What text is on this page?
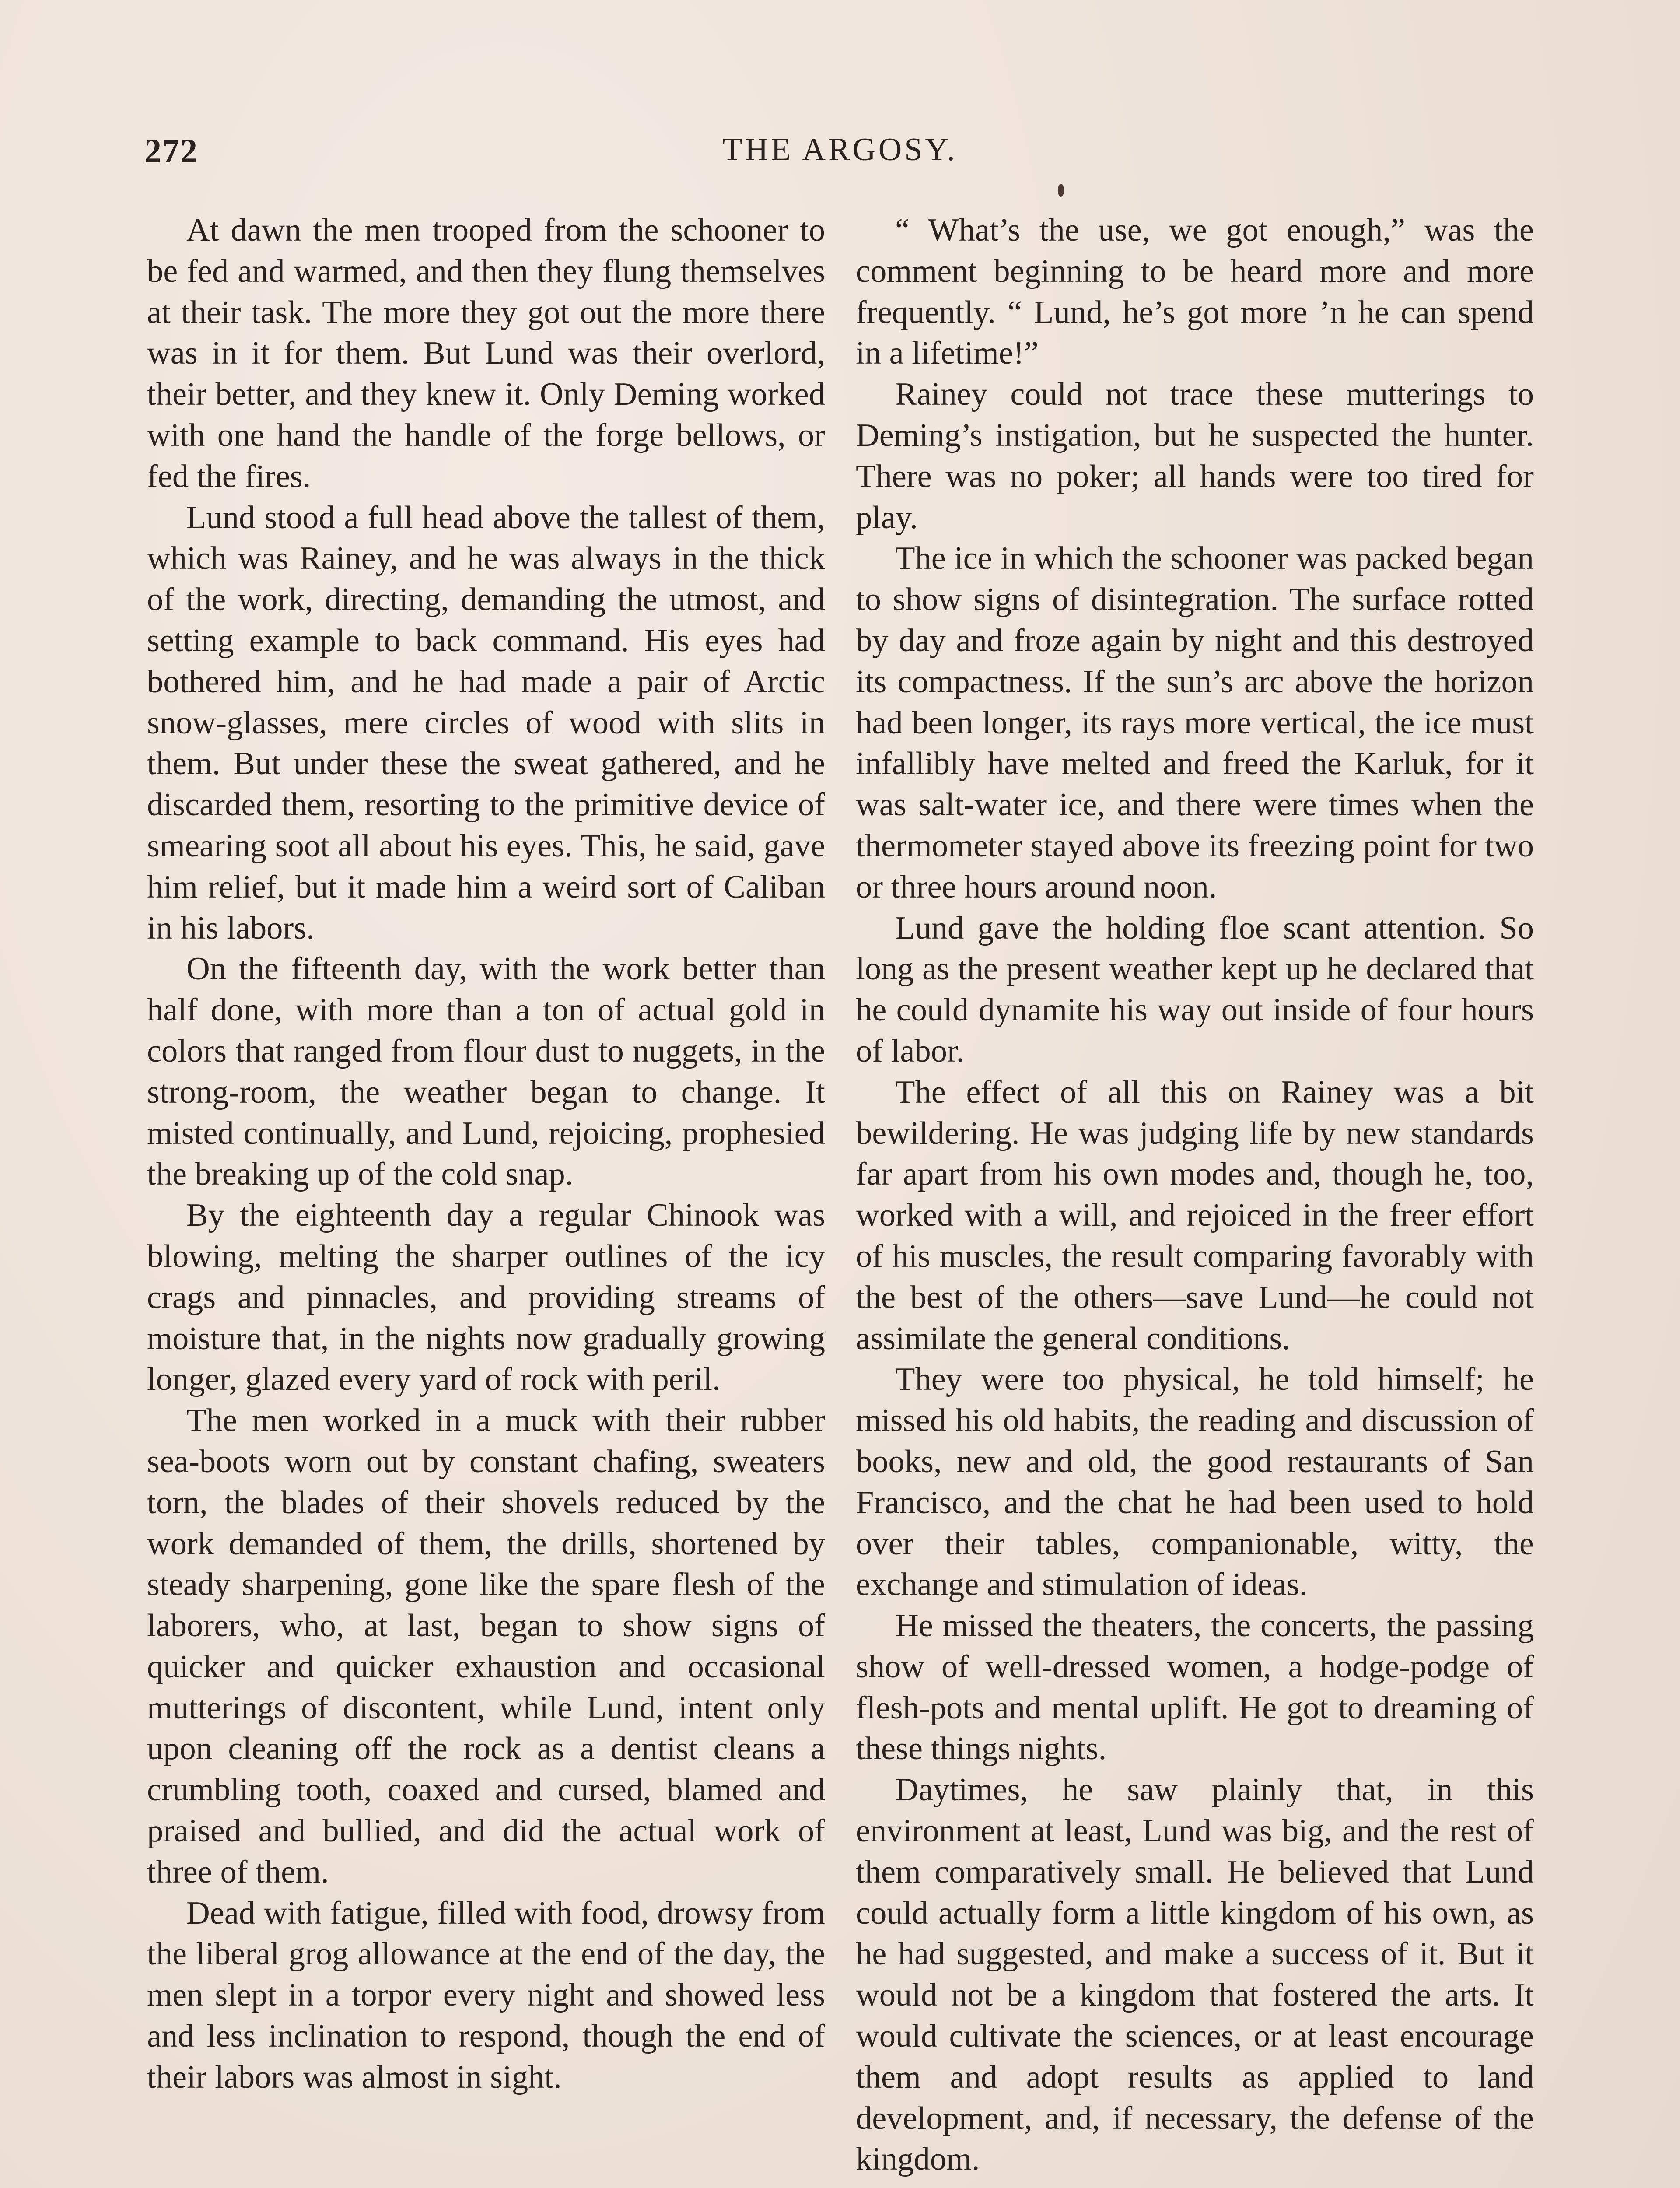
272	THE ARGOSY.

At dawn the men trooped from the schooner to be fed and warmed, and then they flung themselves at their task. The more they got out the more there was in it for them. But Lund was their overlord, their better, and they knew it. Only Deming worked with one hand the handle of the forge bellows, or fed the fires.

Lund stood a full head above the tallest of them, which was Rainey, and he was always in the thick of the work, directing, demanding the utmost, and setting example to back command. His eyes had bothered him, and he had made a pair of Arctic snow-glasses, mere circles of wood with slits in them. But under these the sweat gathered, and he discarded them, resorting to the primitive device of smearing soot all about his eyes. This, he said, gave him relief, but it made him a weird sort of Caliban in his labors.

On the fifteenth day, with the work better than half done, with more than a ton of actual gold in colors that ranged from flour dust to nuggets, in the strong-room, the weather began to change. It misted continually, and Lund, rejoicing, prophesied the breaking up of the cold snap.

By the eighteenth day a regular Chinook was blowing, melting the sharper outlines of the icy crags and pinnacles, and providing streams of moisture that, in the nights now gradually growing longer, glazed every yard of rock with peril.

The men worked in a muck with their rubber sea-boots worn out by constant chafing, sweaters torn, the blades of their shovels reduced by the work demanded of them, the drills, shortened by steady sharpening, gone like the spare flesh of the laborers, who, at last, began to show signs of quicker and quicker exhaustion and occasional mutterings of discontent, while Lund, intent only upon cleaning off the rock as a dentist cleans a crumbling tooth, coaxed and cursed, blamed and praised and bullied, and did the actual work of three of them.

Dead with fatigue, filled with food, drowsy from the liberal grog allowance at the end of the day, the men slept in a torpor every night and showed less and less inclination to respond, though the end of their labors was almost in sight.

“ What’s the use, we got enough,” was the comment beginning to be heard more and more frequently. “ Lund, he’s got more ’n he can spend in a lifetime!”

Rainey could not trace these mutterings to Deming’s instigation, but he suspected the hunter. There was no poker; all hands were too tired for play.

The ice in which the schooner was packed began to show signs of disintegration. The surface rotted by day and froze again by night and this destroyed its compactness. If the sun’s arc above the horizon had been longer, its rays more vertical, the ice must infallibly have melted and freed the Karluk, for it was salt-water ice, and there were times when the thermometer stayed above its freezing point for two or three hours around noon.

Lund gave the holding floe scant attention. So long as the present weather kept up he declared that he could dynamite his way out inside of four hours of labor.

The effect of all this on Rainey was a bit bewildering. He was judging life by new standards far apart from his own modes and, though he, too, worked with a will, and rejoiced in the freer effort of his muscles, the result comparing favorably with the best of the others—save Lund—he could not assimilate the general conditions.

They were too physical, he told himself; he missed his old habits, the reading and discussion of books, new and old, the good restaurants of San Francisco, and the chat he had been used to hold over their tables, companionable, witty, the exchange and stimulation of ideas.

He missed the theaters, the concerts, the passing show of well-dressed women, a hodge-podge of flesh-pots and mental uplift. He got to dreaming of these things nights.

Daytimes, he saw plainly that, in this environment at least, Lund was big, and the rest of them comparatively small. He believed that Lund could actually form a little kingdom of his own, as he had suggested, and make a success of it. But it would not be a kingdom that fostered the arts. It would cultivate the sciences, or at least encourage them and adopt results as applied to land development, and, if necessary, the defense of the kingdom.
